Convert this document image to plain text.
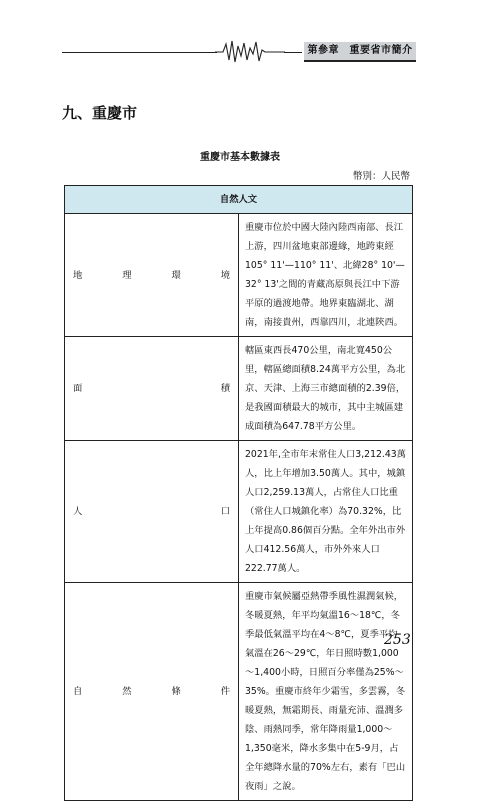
第參章　重要省市簡介
九、重慶市
重慶市基本數據表
幣別：人民幣
自然人文	
地理環境	重慶市位於中國大陸內陸西南部、長江上游，四川盆地東部邊緣，地跨東經105° 11'—110° 11'、北緯28° 10'—32° 13'之間的青藏高原與長江中下游平原的過渡地帶。地界東臨湖北、湖南，南接貴州，西靠四川，北連陝西。
面積	轄區東西長470公里，南北寬450公里，轄區總面積8.24萬平方公里，為北京、天津、上海三市總面積的2.39倍，是我國面積最大的城市，其中主城區建成面積為647.78平方公里。
人口	2021年,全市年末常住人口3,212.43萬人，比上年增加3.50萬人。其中，城鎮人口2,259.13萬人，占常住人口比重（常住人口城鎮化率）為70.32%，比上年提高0.86個百分點。全年外出市外人口412.56萬人，市外外來人口222.77萬人。
自然條件	重慶市氣候屬亞熱帶季風性濕潤氣候，冬暖夏熱，年平均氣溫16～18℃，冬季最低氣溫平均在4～8℃，夏季平均氣溫在26～29℃，年日照時數1,000～1,400小時，日照百分率僅為25%～35%。重慶市終年少霜雪，多雲霧，冬暖夏熱，無霜期長、雨量充沛、溫潤多陰、雨熱同季，常年降雨量1,000～1,350毫米，降水多集中在5-9月，占全年總降水量的70%左右，素有「巴山夜雨」之說。
253
